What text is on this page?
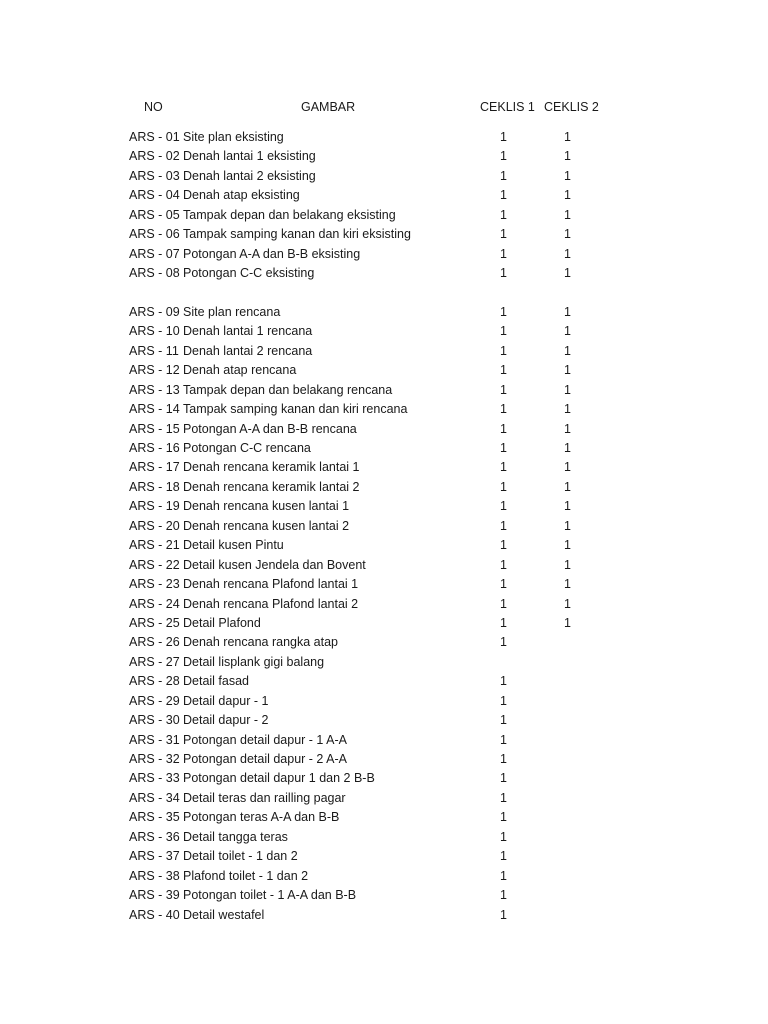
NO	GAMBAR	CEKLIS 1 CEKLIS 2
ARS - 01 Site plan eksisting	1	1
ARS - 02 Denah lantai 1 eksisting	1	1
ARS - 03 Denah lantai 2 eksisting	1	1
ARS - 04 Denah atap eksisting	1	1
ARS - 05 Tampak depan dan belakang eksisting	1	1
ARS - 06 Tampak samping kanan dan kiri eksisting	1	1
ARS - 07 Potongan A-A dan B-B eksisting	1	1
ARS - 08 Potongan C-C eksisting	1	1
ARS - 09 Site plan rencana	1	1
ARS - 10 Denah lantai 1 rencana	1	1
ARS - 11 Denah lantai 2 rencana	1	1
ARS - 12 Denah atap rencana	1	1
ARS - 13 Tampak depan dan belakang rencana	1	1
ARS - 14 Tampak samping kanan dan kiri rencana	1	1
ARS - 15 Potongan A-A dan B-B rencana	1	1
ARS - 16 Potongan C-C rencana	1	1
ARS - 17 Denah rencana keramik lantai 1	1	1
ARS - 18 Denah rencana keramik lantai 2	1	1
ARS - 19 Denah rencana kusen lantai 1	1	1
ARS - 20 Denah rencana kusen lantai 2	1	1
ARS - 21 Detail kusen Pintu	1	1
ARS - 22 Detail kusen Jendela dan Bovent	1	1
ARS - 23 Denah rencana Plafond lantai 1	1	1
ARS - 24 Denah rencana Plafond lantai 2	1	1
ARS - 25 Detail Plafond	1	1
ARS - 26 Denah rencana rangka atap	1
ARS - 27 Detail lisplank gigi balang
ARS - 28 Detail fasad	1
ARS - 29 Detail dapur - 1	1
ARS - 30 Detail dapur - 2	1
ARS - 31 Potongan detail dapur - 1 A-A	1
ARS - 32 Potongan detail dapur - 2 A-A	1
ARS - 33 Potongan detail dapur 1 dan 2 B-B	1
ARS - 34 Detail teras dan railling pagar	1
ARS - 35 Potongan teras A-A dan B-B	1
ARS - 36 Detail tangga teras	1
ARS - 37 Detail toilet - 1 dan 2	1
ARS - 38 Plafond toilet - 1 dan 2	1
ARS - 39 Potongan toilet - 1 A-A dan B-B	1
ARS - 40 Detail westafel	1
